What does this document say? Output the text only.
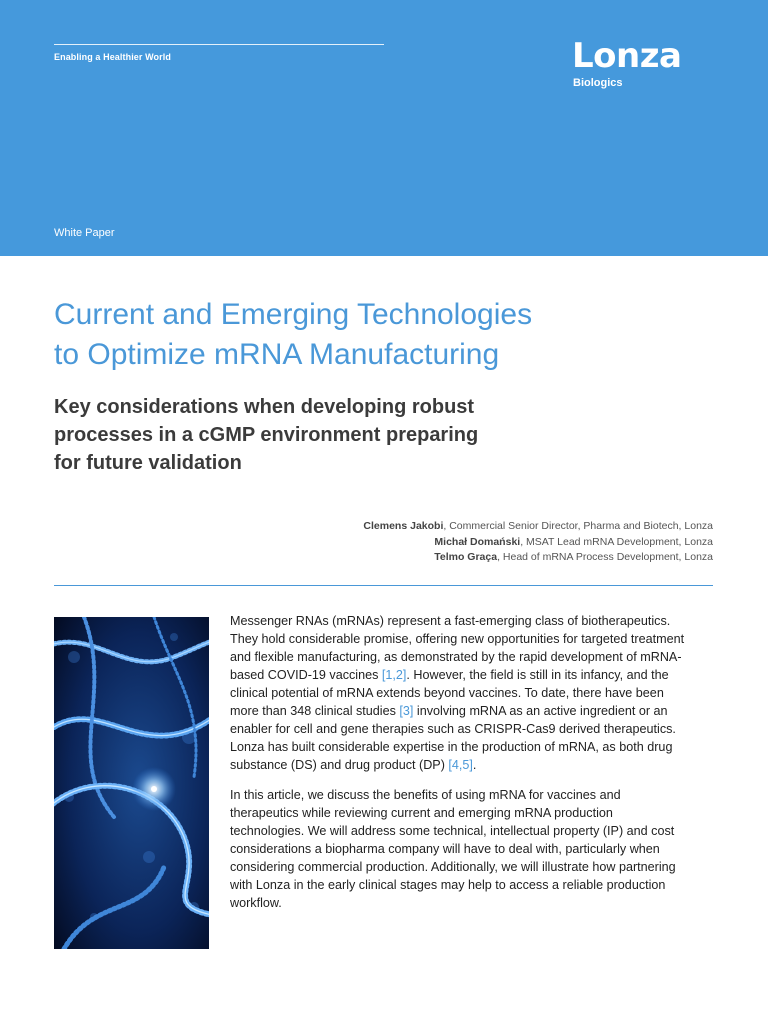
Enabling a Healthier World	Lonza
Biologics
White Paper
Current and Emerging Technologies
to Optimize mRNA Manufacturing
Key considerations when developing robust
processes in a cGMP environment preparing
for future validation
Clemens Jakobi, Commercial Senior Director, Pharma and Biotech, Lonza
Michał Domański, MSAT Lead mRNA Development, Lonza
Telmo Graça, Head of mRNA Process Development, Lonza

Messenger RNAs (mRNAs) represent a fast-emerging class of biotherapeutics. They hold considerable promise, offering new opportunities for targeted treatment and flexible manufacturing, as demonstrated by the rapid development of mRNA-based COVID-19 vaccines [1,2]. However, the field is still in its infancy, and the clinical potential of mRNA extends beyond vaccines. To date, there have been more than 348 clinical studies [3] involving mRNA as an active ingredient or an enabler for cell and gene therapies such as CRISPR-Cas9 derived therapeutics. Lonza has built considerable expertise in the production of mRNA, as both drug substance (DS) and drug product (DP) [4,5].

In this article, we discuss the benefits of using mRNA for vaccines and therapeutics while reviewing current and emerging mRNA production technologies. We will address some technical, intellectual property (IP) and cost considerations a biopharma company will have to deal with, particularly when considering commercial production. Additionally, we will illustrate how partnering with Lonza in the early clinical stages may help to access a reliable production workflow.
